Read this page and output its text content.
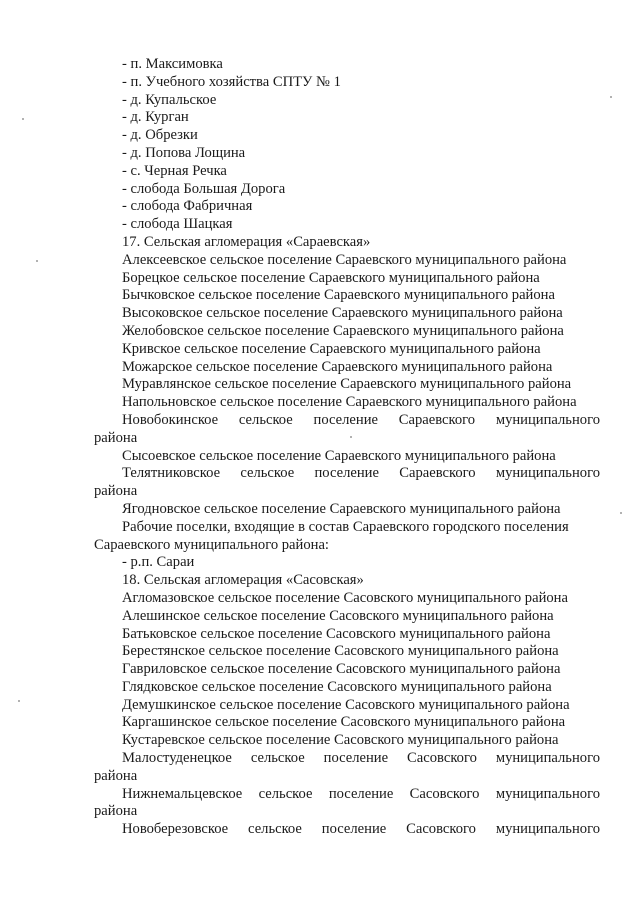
- п. Максимовка
- п. Учебного хозяйства СПТУ № 1
- д. Купальское
- д. Курган
- д. Обрезки
- д. Попова Лощина
- с. Черная Речка
- слобода Большая Дорога
- слобода Фабричная
- слобода Шацкая
17. Сельская агломерация «Сараевская»
Алексеевское сельское поселение Сараевского муниципального района
Борецкое сельское поселение Сараевского муниципального района
Бычковское сельское поселение Сараевского муниципального района
Высоковское сельское поселение Сараевского муниципального района
Желобовское сельское поселение Сараевского муниципального района
Кривское сельское поселение Сараевского муниципального района
Можарское сельское поселение Сараевского муниципального района
Муравлянское сельское поселение Сараевского муниципального района
Напольновское сельское поселение Сараевского муниципального района
Новобокинское сельское поселение Сараевского муниципального
района
Сысоевское сельское поселение Сараевского муниципального района
Телятниковское сельское поселение Сараевского муниципального
района
Ягодновское сельское поселение Сараевского муниципального района
Рабочие поселки, входящие в состав Сараевского городского поселения
Сараевского муниципального района:
- р.п. Сараи
18. Сельская агломерация «Сасовская»
Агломазовское сельское поселение Сасовского муниципального района
Алешинское сельское поселение Сасовского муниципального района
Батьковское сельское поселение Сасовского муниципального района
Берестянское сельское поселение Сасовского муниципального района
Гавриловское сельское поселение Сасовского муниципального района
Глядковское сельское поселение Сасовского муниципального района
Демушкинское сельское поселение Сасовского муниципального района
Каргашинское сельское поселение Сасовского муниципального района
Кустаревское сельское поселение Сасовского муниципального района
Малостуденецкое сельское поселение Сасовского муниципального
района
Нижнемальцевское сельское поселение Сасовского муниципального
района
Новоберезовское сельское поселение Сасовского муниципального
